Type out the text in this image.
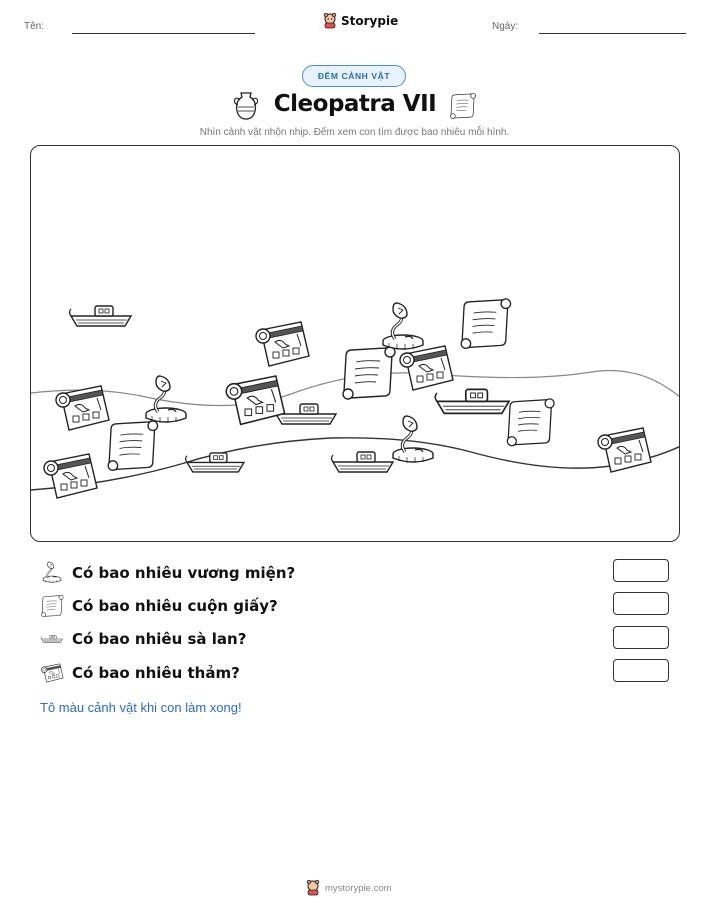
Tên:	Storypie	Ngày:
ĐẾM CẢNH VẬT
Cleopatra VII
Nhìn cảnh vật nhộn nhịp. Đếm xem con tìm được bao nhiêu mỗi hình.
Có bao nhiêu vương miện?
Có bao nhiêu cuộn giấy?
Có bao nhiêu sà lan?
Có bao nhiêu thảm?
Tô màu cảnh vật khi con làm xong!
mystorypie.com
